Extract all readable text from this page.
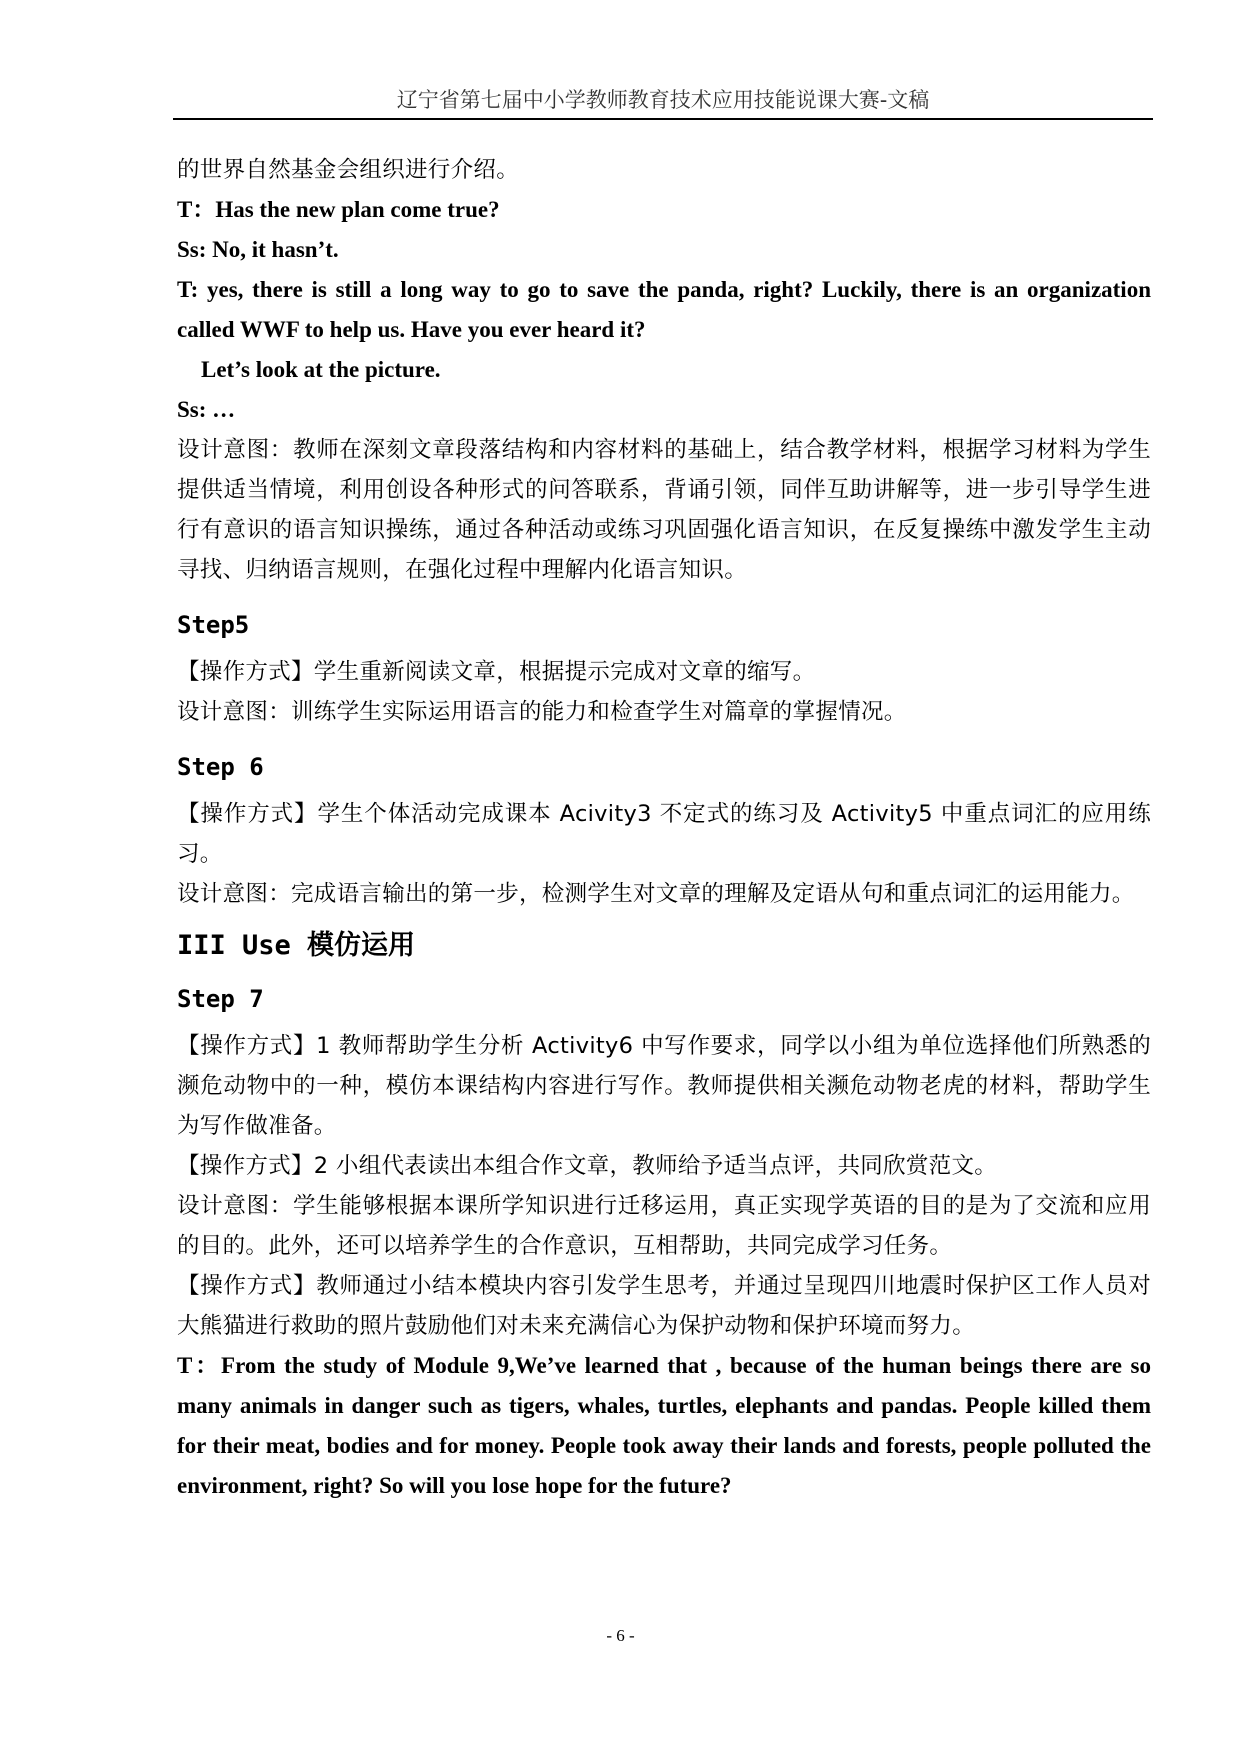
辽宁省第七届中小学教师教育技术应用技能说课大赛-文稿

的世界自然基金会组织进行介绍。

T：Has the new plan come true?

Ss: No, it hasn’t.

T: yes, there is still a long way to go to save the panda, right? Luckily, there is an organization called WWF to help us. Have you ever heard it?

Let’s look at the picture.

Ss: …

设计意图：教师在深刻文章段落结构和内容材料的基础上，结合教学材料，根据学习材料为学生提供适当情境，利用创设各种形式的问答联系，背诵引领，同伴互助讲解等，进一步引导学生进行有意识的语言知识操练，通过各种活动或练习巩固强化语言知识，在反复操练中激发学生主动寻找、归纳语言规则，在强化过程中理解内化语言知识。

Step5

【操作方式】学生重新阅读文章，根据提示完成对文章的缩写。

设计意图：训练学生实际运用语言的能力和检查学生对篇章的掌握情况。

Step 6

【操作方式】学生个体活动完成课本 Acivity3 不定式的练习及 Activity5 中重点词汇的应用练习。

设计意图：完成语言输出的第一步，检测学生对文章的理解及定语从句和重点词汇的运用能力。

III Use 模仿运用
Step 7

【操作方式】1 教师帮助学生分析 Activity6 中写作要求，同学以小组为单位选择他们所熟悉的濒危动物中的一种，模仿本课结构内容进行写作。教师提供相关濒危动物老虎的材料，帮助学生为写作做准备。

【操作方式】2 小组代表读出本组合作文章，教师给予适当点评，共同欣赏范文。

设计意图：学生能够根据本课所学知识进行迁移运用，真正实现学英语的目的是为了交流和应用的目的。此外，还可以培养学生的合作意识，互相帮助，共同完成学习任务。

【操作方式】教师通过小结本模块内容引发学生思考，并通过呈现四川地震时保护区工作人员对大熊猫进行救助的照片鼓励他们对未来充满信心为保护动物和保护环境而努力。

T：From the study of Module 9,We’ve learned that , because of the human beings there are so many animals in danger such as tigers, whales, turtles, elephants and pandas. People killed them for their meat, bodies and for money. People took away their lands and forests, people polluted the environment, right? So will you lose hope for the future?

- 6 -
